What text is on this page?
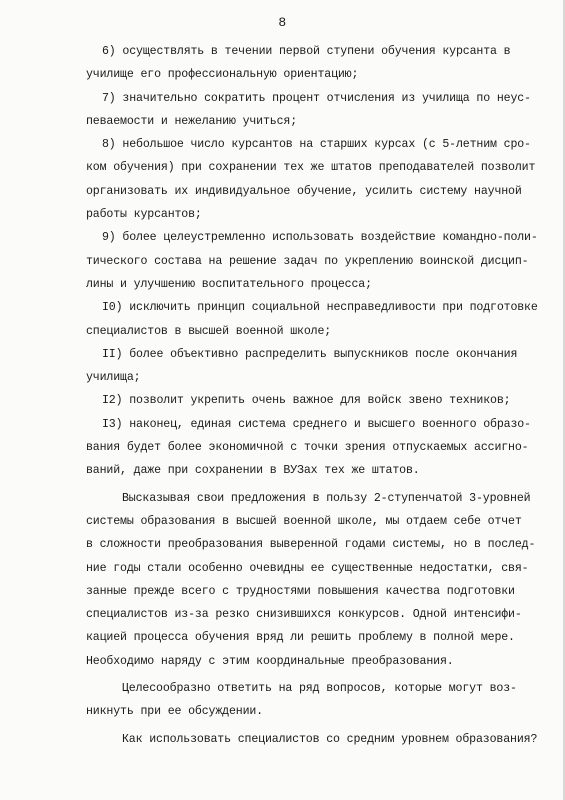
8
6) осуществлять в течении первой ступени обучения курсанта в
училище его профессиональную ориентацию;
7) значительно сократить процент отчисления из училища по неус-
певаемости и нежеланию учиться;
8) небольшое число курсантов на старших курсах (с 5-летним сро-
ком обучения) при сохранении тех же штатов преподавателей позволит
организовать их индивидуальное обучение, усилить систему научной
работы курсантов;
9) более целеустремленно использовать воздействие командно-поли-
тического состава на решение задач по укреплению воинской дисцип-
лины и улучшению воспитательного процесса;
I0) исключить принцип социальной несправедливости при подготовке
специалистов в высшей военной школе;
II) более объективно распределить выпускников после окончания
училища;
I2) позволит укрепить очень важное для войск звено техников;
I3) наконец, единая система среднего и высшего военного образо-
вания будет более экономичной с точки зрения отпускаемых ассигно-
ваний, даже при сохранении в ВУЗах тех же штатов.
Высказывая свои предложения в пользу 2-ступенчатой 3-уровней
системы образования в высшей военной школе, мы отдаем себе отчет
в сложности преобразования выверенной годами системы, но в послед-
ние годы стали особенно очевидны ее существенные недостатки, свя-
занные прежде всего с трудностями повышения качества подготовки
специалистов из-за резко снизившихся конкурсов. Одной интенсифи-
кацией процесса обучения вряд ли решить проблему в полной мере.
Необходимо наряду с этим координальные преобразования.
Целесообразно ответить на ряд вопросов, которые могут воз-
никнуть при ее обсуждении.
Как использовать специалистов со средним уровнем образования?
